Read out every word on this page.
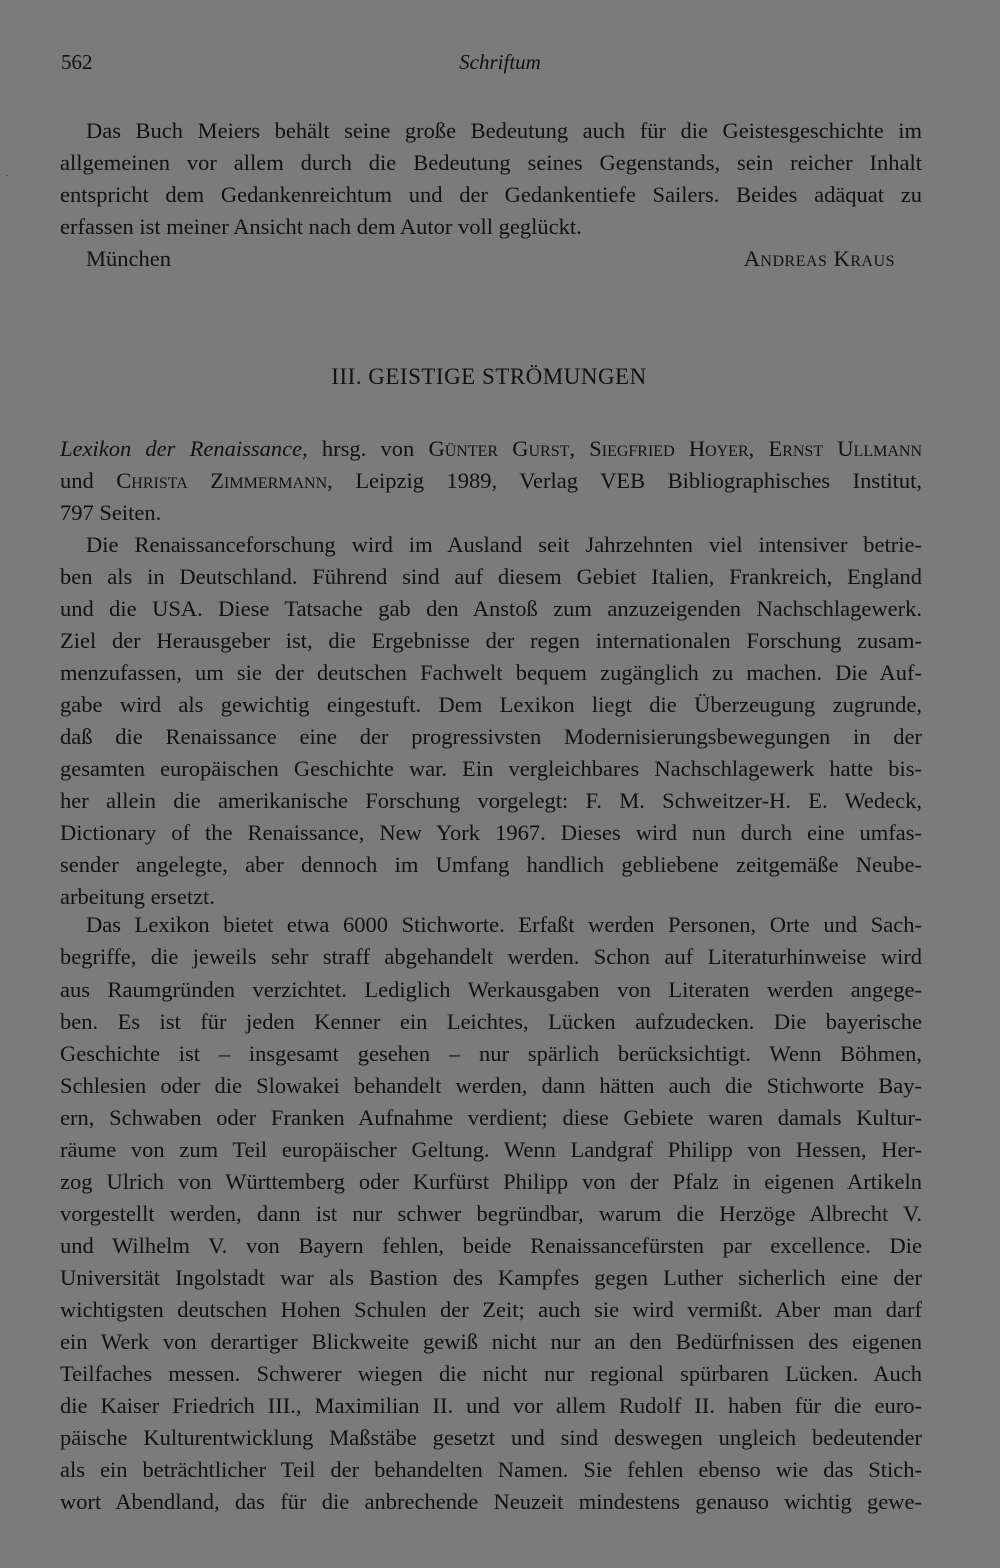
562	Schriftum
`
Das Buch Meiers behält seine große Bedeutung auch für die Geistesgeschichte im
allgemeinen vor allem durch die Bedeutung seines Gegenstands, sein reicher Inhalt
entspricht dem Gedankenreichtum und der Gedankentiefe Sailers. Beides adäquat zu
erfassen ist meiner Ansicht nach dem Autor voll geglückt.
München	Andreas Kraus
III. GEISTIGE STRÖMUNGEN
Lexikon der Renaissance, hrsg. von Günter Gurst, Siegfried Hoyer, Ernst Ullmann
und Christa Zimmermann, Leipzig 1989, Verlag VEB Bibliographisches Institut,
797 Seiten.
Die Renaissanceforschung wird im Ausland seit Jahrzehnten viel intensiver betrie-
ben als in Deutschland. Führend sind auf diesem Gebiet Italien, Frankreich, England
und die USA. Diese Tatsache gab den Anstoß zum anzuzeigenden Nachschlagewerk.
Ziel der Herausgeber ist, die Ergebnisse der regen internationalen Forschung zusam-
menzufassen, um sie der deutschen Fachwelt bequem zugänglich zu machen. Die Auf-
gabe wird als gewichtig eingestuft. Dem Lexikon liegt die Überzeugung zugrunde,
daß die Renaissance eine der progressivsten Modernisierungsbewegungen in der
gesamten europäischen Geschichte war. Ein vergleichbares Nachschlagewerk hatte bis-
her allein die amerikanische Forschung vorgelegt: F. M. Schweitzer-H. E. Wedeck,
Dictionary of the Renaissance, New York 1967. Dieses wird nun durch eine umfas-
sender angelegte, aber dennoch im Umfang handlich gebliebene zeitgemäße Neube-
arbeitung ersetzt.
Das Lexikon bietet etwa 6000 Stichworte. Erfaßt werden Personen, Orte und Sach-
begriffe, die jeweils sehr straff abgehandelt werden. Schon auf Literaturhinweise wird
aus Raumgründen verzichtet. Lediglich Werkausgaben von Literaten werden angege-
ben. Es ist für jeden Kenner ein Leichtes, Lücken aufzudecken. Die bayerische
Geschichte ist – insgesamt gesehen – nur spärlich berücksichtigt. Wenn Böhmen,
Schlesien oder die Slowakei behandelt werden, dann hätten auch die Stichworte Bay-
ern, Schwaben oder Franken Aufnahme verdient; diese Gebiete waren damals Kultur-
räume von zum Teil europäischer Geltung. Wenn Landgraf Philipp von Hessen, Her-
zog Ulrich von Württemberg oder Kurfürst Philipp von der Pfalz in eigenen Artikeln
vorgestellt werden, dann ist nur schwer begründbar, warum die Herzöge Albrecht V.
und Wilhelm V. von Bayern fehlen, beide Renaissancefürsten par excellence. Die
Universität Ingolstadt war als Bastion des Kampfes gegen Luther sicherlich eine der
wichtigsten deutschen Hohen Schulen der Zeit; auch sie wird vermißt. Aber man darf
ein Werk von derartiger Blickweite gewiß nicht nur an den Bedürfnissen des eigenen
Teilfaches messen. Schwerer wiegen die nicht nur regional spürbaren Lücken. Auch
die Kaiser Friedrich III., Maximilian II. und vor allem Rudolf II. haben für die euro-
päische Kulturentwicklung Maßstäbe gesetzt und sind deswegen ungleich bedeutender
als ein beträchtlicher Teil der behandelten Namen. Sie fehlen ebenso wie das Stich-
wort Abendland, das für die anbrechende Neuzeit mindestens genauso wichtig gewe-
